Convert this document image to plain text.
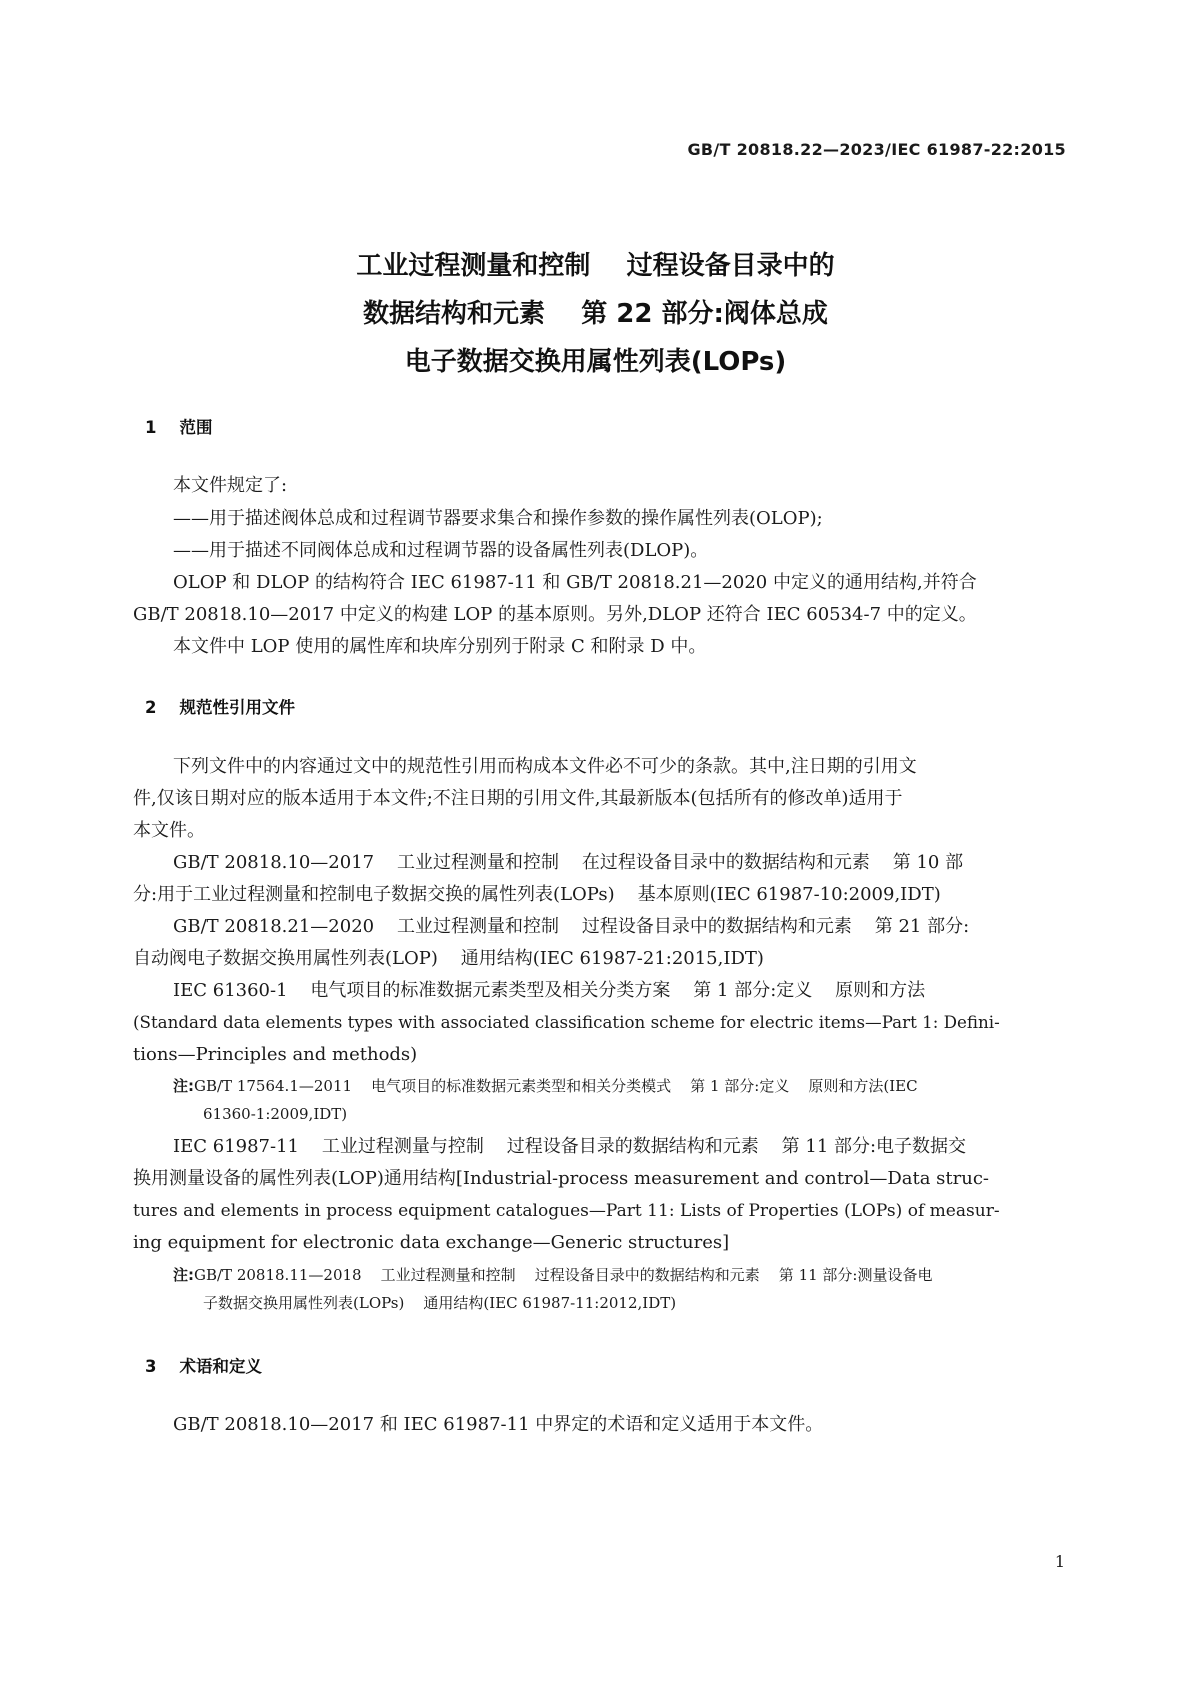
GB/T 20818.22—2023/IEC 61987-22:2015
工业过程测量和控制    过程设备目录中的
数据结构和元素    第 22 部分:阀体总成
电子数据交换用属性列表(LOPs)
1    范围
本文件规定了:
——用于描述阀体总成和过程调节器要求集合和操作参数的操作属性列表(OLOP);
——用于描述不同阀体总成和过程调节器的设备属性列表(DLOP)。
OLOP 和 DLOP 的结构符合 IEC 61987-11 和 GB/T 20818.21—2020 中定义的通用结构,并符合
GB/T 20818.10—2017 中定义的构建 LOP 的基本原则。另外,DLOP 还符合 IEC 60534-7 中的定义。
本文件中 LOP 使用的属性库和块库分别列于附录 C 和附录 D 中。
2    规范性引用文件
下列文件中的内容通过文中的规范性引用而构成本文件必不可少的条款。其中,注日期的引用文
件,仅该日期对应的版本适用于本文件;不注日期的引用文件,其最新版本(包括所有的修改单)适用于
本文件。
GB/T 20818.10—2017    工业过程测量和控制    在过程设备目录中的数据结构和元素    第 10 部
分:用于工业过程测量和控制电子数据交换的属性列表(LOPs)    基本原则(IEC 61987-10:2009,IDT)
GB/T 20818.21—2020    工业过程测量和控制    过程设备目录中的数据结构和元素    第 21 部分:
自动阀电子数据交换用属性列表(LOP)    通用结构(IEC 61987-21:2015,IDT)
IEC 61360-1    电气项目的标准数据元素类型及相关分类方案    第 1 部分:定义    原则和方法
(Standard data elements types with associated classification scheme for electric items—Part 1: Defini-
tions—Principles and methods)
注:GB/T 17564.1—2011    电气项目的标准数据元素类型和相关分类模式    第 1 部分:定义    原则和方法(IEC
61360-1:2009,IDT)
IEC 61987-11    工业过程测量与控制    过程设备目录的数据结构和元素    第 11 部分:电子数据交
换用测量设备的属性列表(LOP)通用结构[Industrial-process measurement and control—Data struc-
tures and elements in process equipment catalogues—Part 11: Lists of Properties (LOPs) of measur-
ing equipment for electronic data exchange—Generic structures]
注:GB/T 20818.11—2018    工业过程测量和控制    过程设备目录中的数据结构和元素    第 11 部分:测量设备电
子数据交换用属性列表(LOPs)    通用结构(IEC 61987-11:2012,IDT)
3    术语和定义
GB/T 20818.10—2017 和 IEC 61987-11 中界定的术语和定义适用于本文件。
1
